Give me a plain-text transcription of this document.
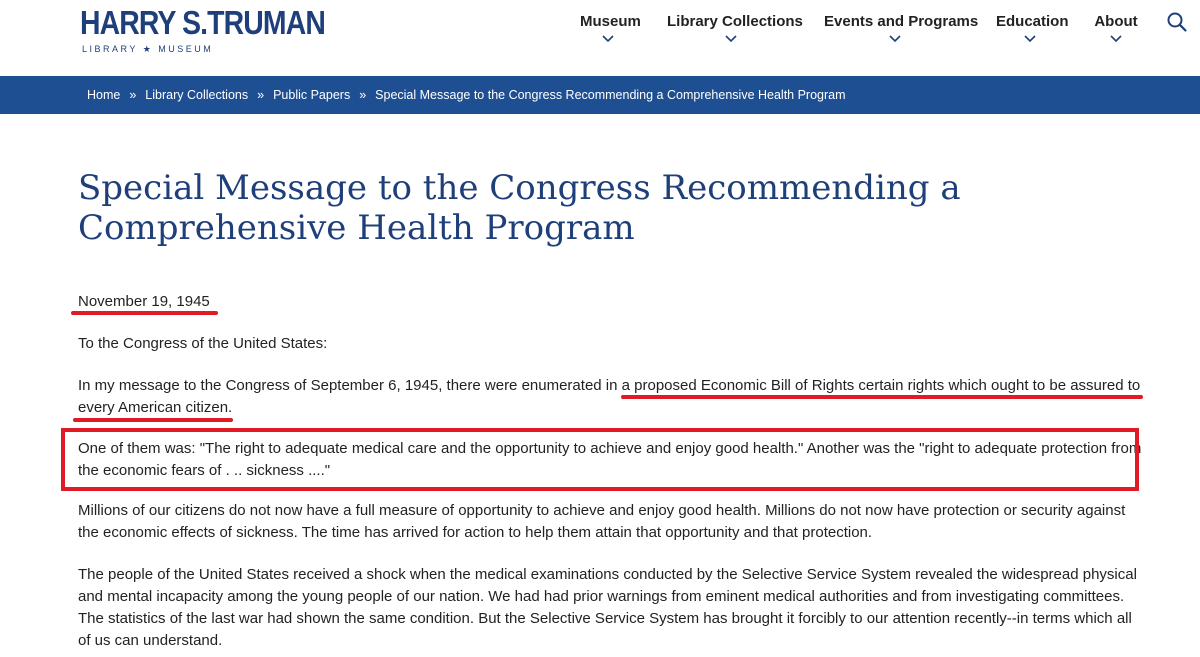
HARRY S.TRUMAN
LIBRARY ★ MUSEUM
Museum Library Collections Events and Programs Education About
Home » Library Collections » Public Papers » Special Message to the Congress Recommending a Comprehensive Health Program
Special Message to the Congress Recommending a Comprehensive Health Program
November 19, 1945

To the Congress of the United States:

In my message to the Congress of September 6, 1945, there were enumerated in a proposed Economic Bill of Rights certain rights which ought to be assured to every American citizen.

One of them was: "The right to adequate medical care and the opportunity to achieve and enjoy good health." Another was the "right to adequate protection from the economic fears of . .. sickness ...."

Millions of our citizens do not now have a full measure of opportunity to achieve and enjoy good health. Millions do not now have protection or security against the economic effects of sickness. The time has arrived for action to help them attain that opportunity and that protection.

The people of the United States received a shock when the medical examinations conducted by the Selective Service System revealed the widespread physical and mental incapacity among the young people of our nation. We had had prior warnings from eminent medical authorities and from investigating committees. The statistics of the last war had shown the same condition. But the Selective Service System has brought it forcibly to our attention recently--in terms which all of us can understand.
